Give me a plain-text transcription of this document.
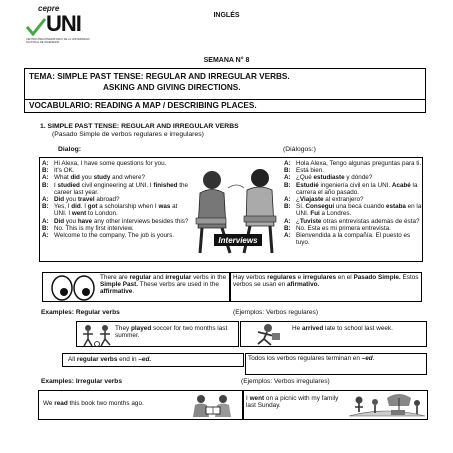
cepre
UNI
CENTRO PREUNIVERSITARIO DE LA UNIVERSIDAD NACIONAL DE INGENIERÍA
INGLÉS
SEMANA N° 8
TEMA: SIMPLE PAST TENSE: REGULAR AND IRREGULAR VERBS.
ASKING AND GIVING DIRECTIONS.
VOCABULARIO: READING A MAP / DESCRIBING PLACES.
1. SIMPLE PAST TENSE: REGULAR AND IRREGULAR VERBS
(Pasado Simple de verbos regulares e irregulares)
Dialog:	(Diálogos:)
A: Hi Alexa, I have some questions for you.
B: It's OK.
A: What did you study and where?
B: I studied civil engineering at UNI. I finished the career last year.
A: Did you travel abroad?
B: Yes, I did. I got a scholarship when I was at UNI. I went to London.
A: Did you have any other interviews besides this?
B: No. This is my first interview.
A: Welcome to the company. The job is yours.
Interviews
A: Hola Alexa, Tengo algunas preguntas para ti.
B: Está bien.
A: ¿Qué estudiaste y dónde?
B: Estudié ingeniería civil en la UNI. Acabé la carrera el año pasado.
A: ¿Viajaste al extranjero?
B: Sí. Conseguí una beca cuando estaba en la UNI. Fui a Londres.
A: ¿Tuviste otras entrevistas además de ésta?
B: No. Esta es mi primera entrevista.
A: Bienvendida a la compañía. El puesto es tuyo.
There are regular and irregular verbs in the Simple Past. These verbs are used in the affirmative.
Hay verbos regulares e irregulares en el Pasado Simple. Estos verbos se usan en afirmativo.
Examples: Regular verbs	(Ejemplos: Verbos regulares)
They played soccer for two months last summer.
He arrived late to school last week.
All regular verbs end in –ed.	Todos los verbos regulares terminan en –ed.
Examples: Irregular verbs	(Ejemplos: Verbos irregulares)
We read this book two months ago.
I went on a picnic with my family last Sunday.
